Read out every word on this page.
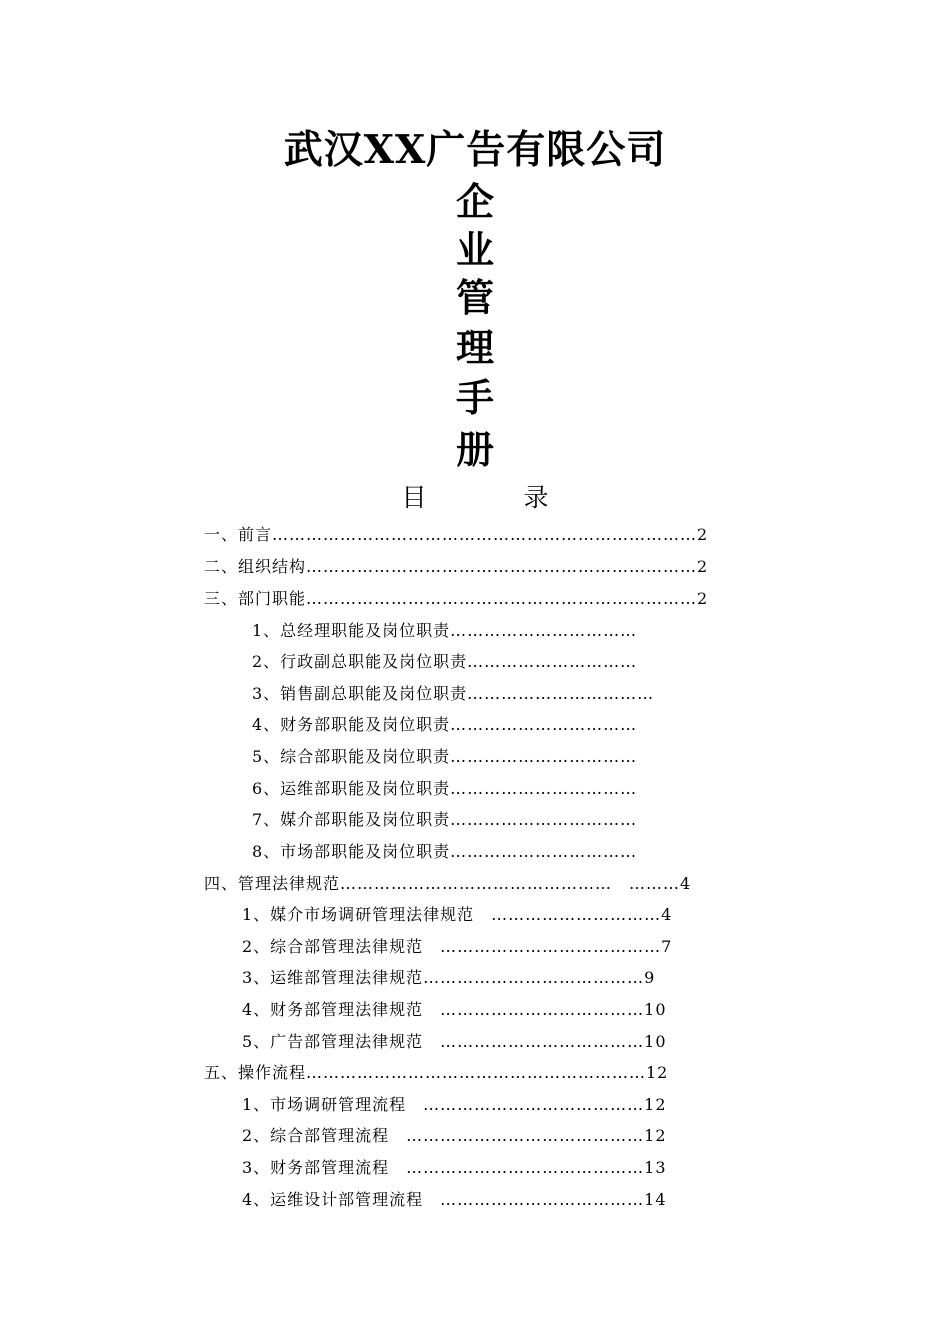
武汉XX广告有限公司
企
业
管
理
手
册
目　录
一、前言…………………………………………………………………2
二、组织结构……………………………………………………………2
三、部门职能……………………………………………………………2
1、总经理职能及岗位职责……………………………
2、行政副总职能及岗位职责…………………………
3、销售副总职能及岗位职责……………………………
4、财务部职能及岗位职责……………………………
5、综合部职能及岗位职责……………………………
6、运维部职能及岗位职责……………………………
7、媒介部职能及岗位职责……………………………
8、市场部职能及岗位职责……………………………
四、管理法律规范…………………………………………　………4
1、媒介市场调研管理法律规范　…………………………4
2、综合部管理法律规范　…………………………………7
3、运维部管理法律规范…………………………………9
4、财务部管理法律规范　………………………………10
5、广告部管理法律规范　………………………………10
五、操作流程……………………………………………………12
1、市场调研管理流程　…………………………………12
2、综合部管理流程　……………………………………12
3、财务部管理流程　……………………………………13
4、运维设计部管理流程　………………………………14
